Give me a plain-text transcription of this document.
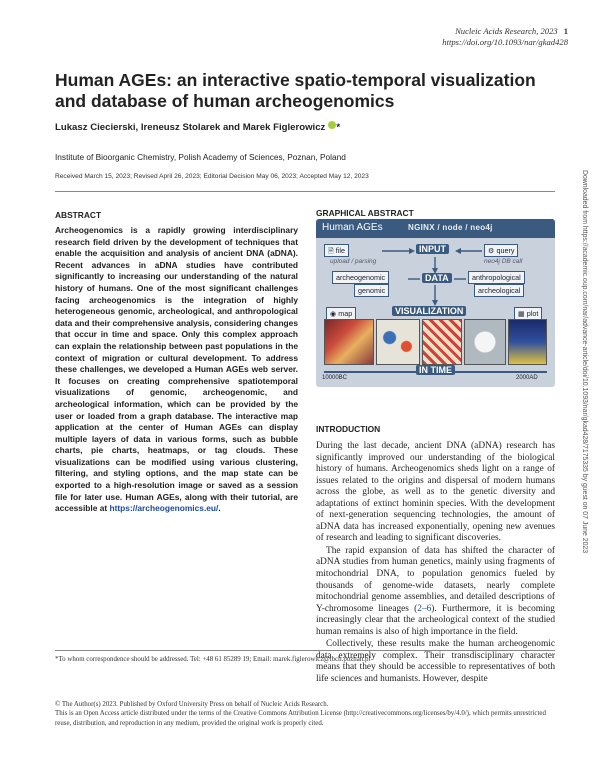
Nucleic Acids Research, 2023 1
https://doi.org/10.1093/nar/gkad428
Human AGEs: an interactive spatio-temporal visualization and database of human archeogenomics
Lukasz Ciecierski, Ireneusz Stolarek and Marek Figlerowicz *
Institute of Bioorganic Chemistry, Polish Academy of Sciences, Poznan, Poland
Received March 15, 2023; Revised April 26, 2023; Editorial Decision May 06, 2023; Accepted May 12, 2023
ABSTRACT
Archeogenomics is a rapidly growing interdisciplinary research field driven by the development of techniques that enable the acquisition and analysis of ancient DNA (aDNA). Recent advances in aDNA studies have contributed significantly to increasing our understanding of the natural history of humans. One of the most significant challenges facing archeogenomics is the integration of highly heterogeneous genomic, archeological, and anthropological data and their comprehensive analysis, considering changes that occur in time and space. Only this complex approach can explain the relationship between past populations in the context of migration or cultural development. To address these challenges, we developed a Human AGEs web server. It focuses on creating comprehensive spatiotemporal visualizations of genomic, archeogenomic, and archeological information, which can be provided by the user or loaded from a graph database. The interactive map application at the center of Human AGEs can display multiple layers of data in various forms, such as bubble charts, pie charts, heatmaps, or tag clouds. These visualizations can be modified using various clustering, filtering, and styling options, and the map state can be exported to a high-resolution image or saved as a session file for later use. Human AGEs, along with their tutorial, are accessible at https://archeogenomics.eu/.
GRAPHICAL ABSTRACT
Human AGEs	NGINX / node / neo4j
🗎 file
upload / parsing
INPUT	⚙ query
neo4j DB call
archeogenomic
genomic
DATA	anthropological
archeological
◉ map	VISUALIZATION	▦ plot
10000BC
IN TIME
2000AD
INTRODUCTION

During the last decade, ancient DNA (aDNA) research has significantly improved our understanding of the biological history of humans. Archeogenomics sheds light on a range of issues related to the origins and dispersal of modern humans across the globe, as well as to the genetic diversity and adaptations of extinct hominin species. With the development of next-generation sequencing technologies, the amount of aDNA data has increased exponentially, opening new avenues of research and leading to significant discoveries.

The rapid expansion of data has shifted the character of aDNA studies from human genetics, mainly using fragments of mitochondrial DNA, to population genomics fueled by thousands of genome-wide datasets, nearly complete mitochondrial genome assemblies, and detailed descriptions of Y-chromosome lineages (2–6). Furthermore, it is becoming increasingly clear that the archeological context of the studied human remains is also of high importance in the field.

Collectively, these results make the human archeogenomic data extremely complex. Their transdisciplinary character means that they should be accessible to representatives of both life sciences and humanists. However, despite

*To whom correspondence should be addressed. Tel: +48 61 85289 19; Email: marek.figlerowicz@ibch.poznan.pl
© The Author(s) 2023. Published by Oxford University Press on behalf of Nucleic Acids Research.
This is an Open Access article distributed under the terms of the Creative Commons Attribution License (http://creativecommons.org/licenses/by/4.0/), which permits unrestricted reuse, distribution, and reproduction in any medium, provided the original work is properly cited.
Downloaded from https://academic.oup.com/nar/advance-article/doi/10.1093/nar/gkad428/7175335 by guest on 07 June 2023
